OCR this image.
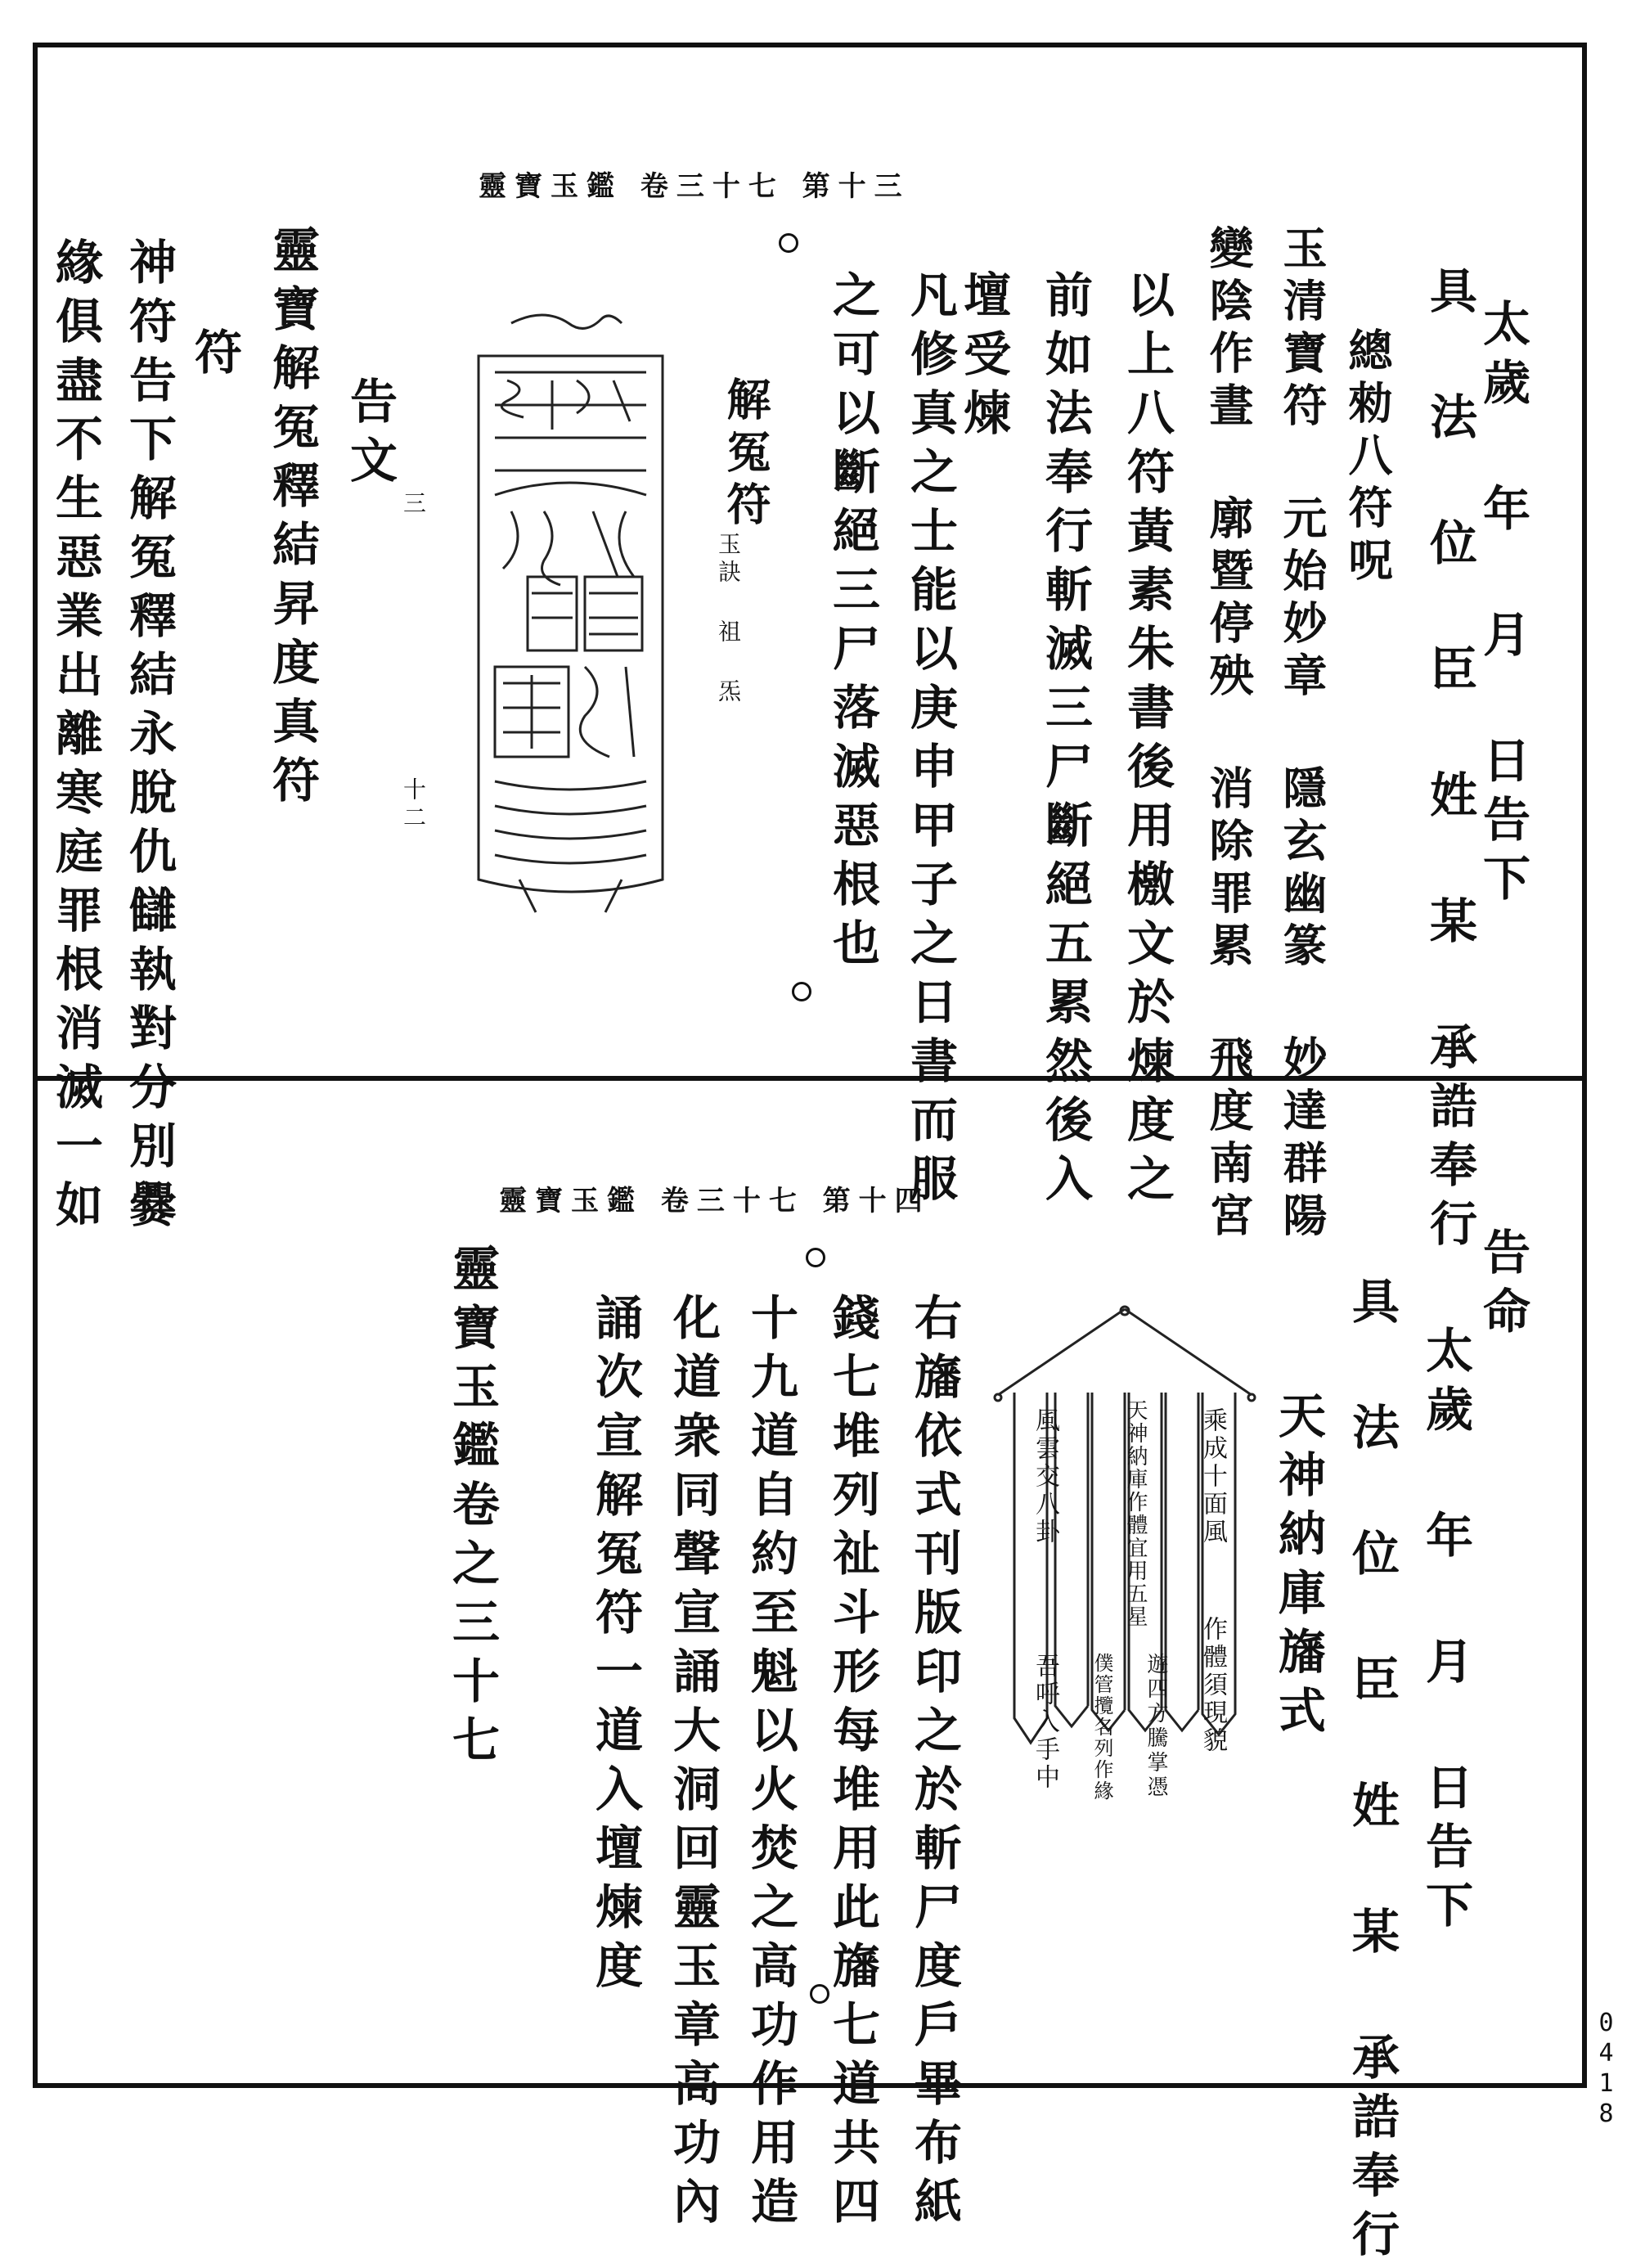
0418
靈寶玉鑑 卷三十七 第十三
太歲 年 月 日告下
具 法 位 臣 姓 某 承誥奉行
總勑八符呪
玉清寶符 元始妙章 隱玄幽篆 妙達群陽
變陰作晝 廓暨停殃 消除罪累 飛度南宮
以上八符黃素朱書後用檄文於煉度之
前如法奉行斬滅三尸斷絕五累然後入
壇受煉
凡修真之士能以庚申甲子之日書而服
之可以斷絕三尸落滅惡根也
解冤符
玉訣 祖 炁
三
十二
告文
靈寶解冤釋結昇度真符
符
神符告下解冤釋結永脫仇讎執對分別爨
緣俱盡不生惡業出離寒庭罪根消滅一如	靈寶玉鑑 卷三十七 第十四
告命
太歲 年 月 日告下
具 法 位 臣 姓 某 承誥奉行
天神納庫旛式
乘成十面風
作體須現貌
天神納庫作體宜用五星
遊四方騰掌憑
僕管攬名列作緣
風雲交八卦
吾呼入手中
右旛依式刊版印之於斬尸度戶畢布紙
錢七堆列祉斗形每堆用此旛七道共四
十九道自約至魁以火焚之高功作用造
化道衆同聲宣誦大洞回靈玉章高功內
誦次宣解冤符一道入壇煉度
靈寶玉鑑卷之三十七
